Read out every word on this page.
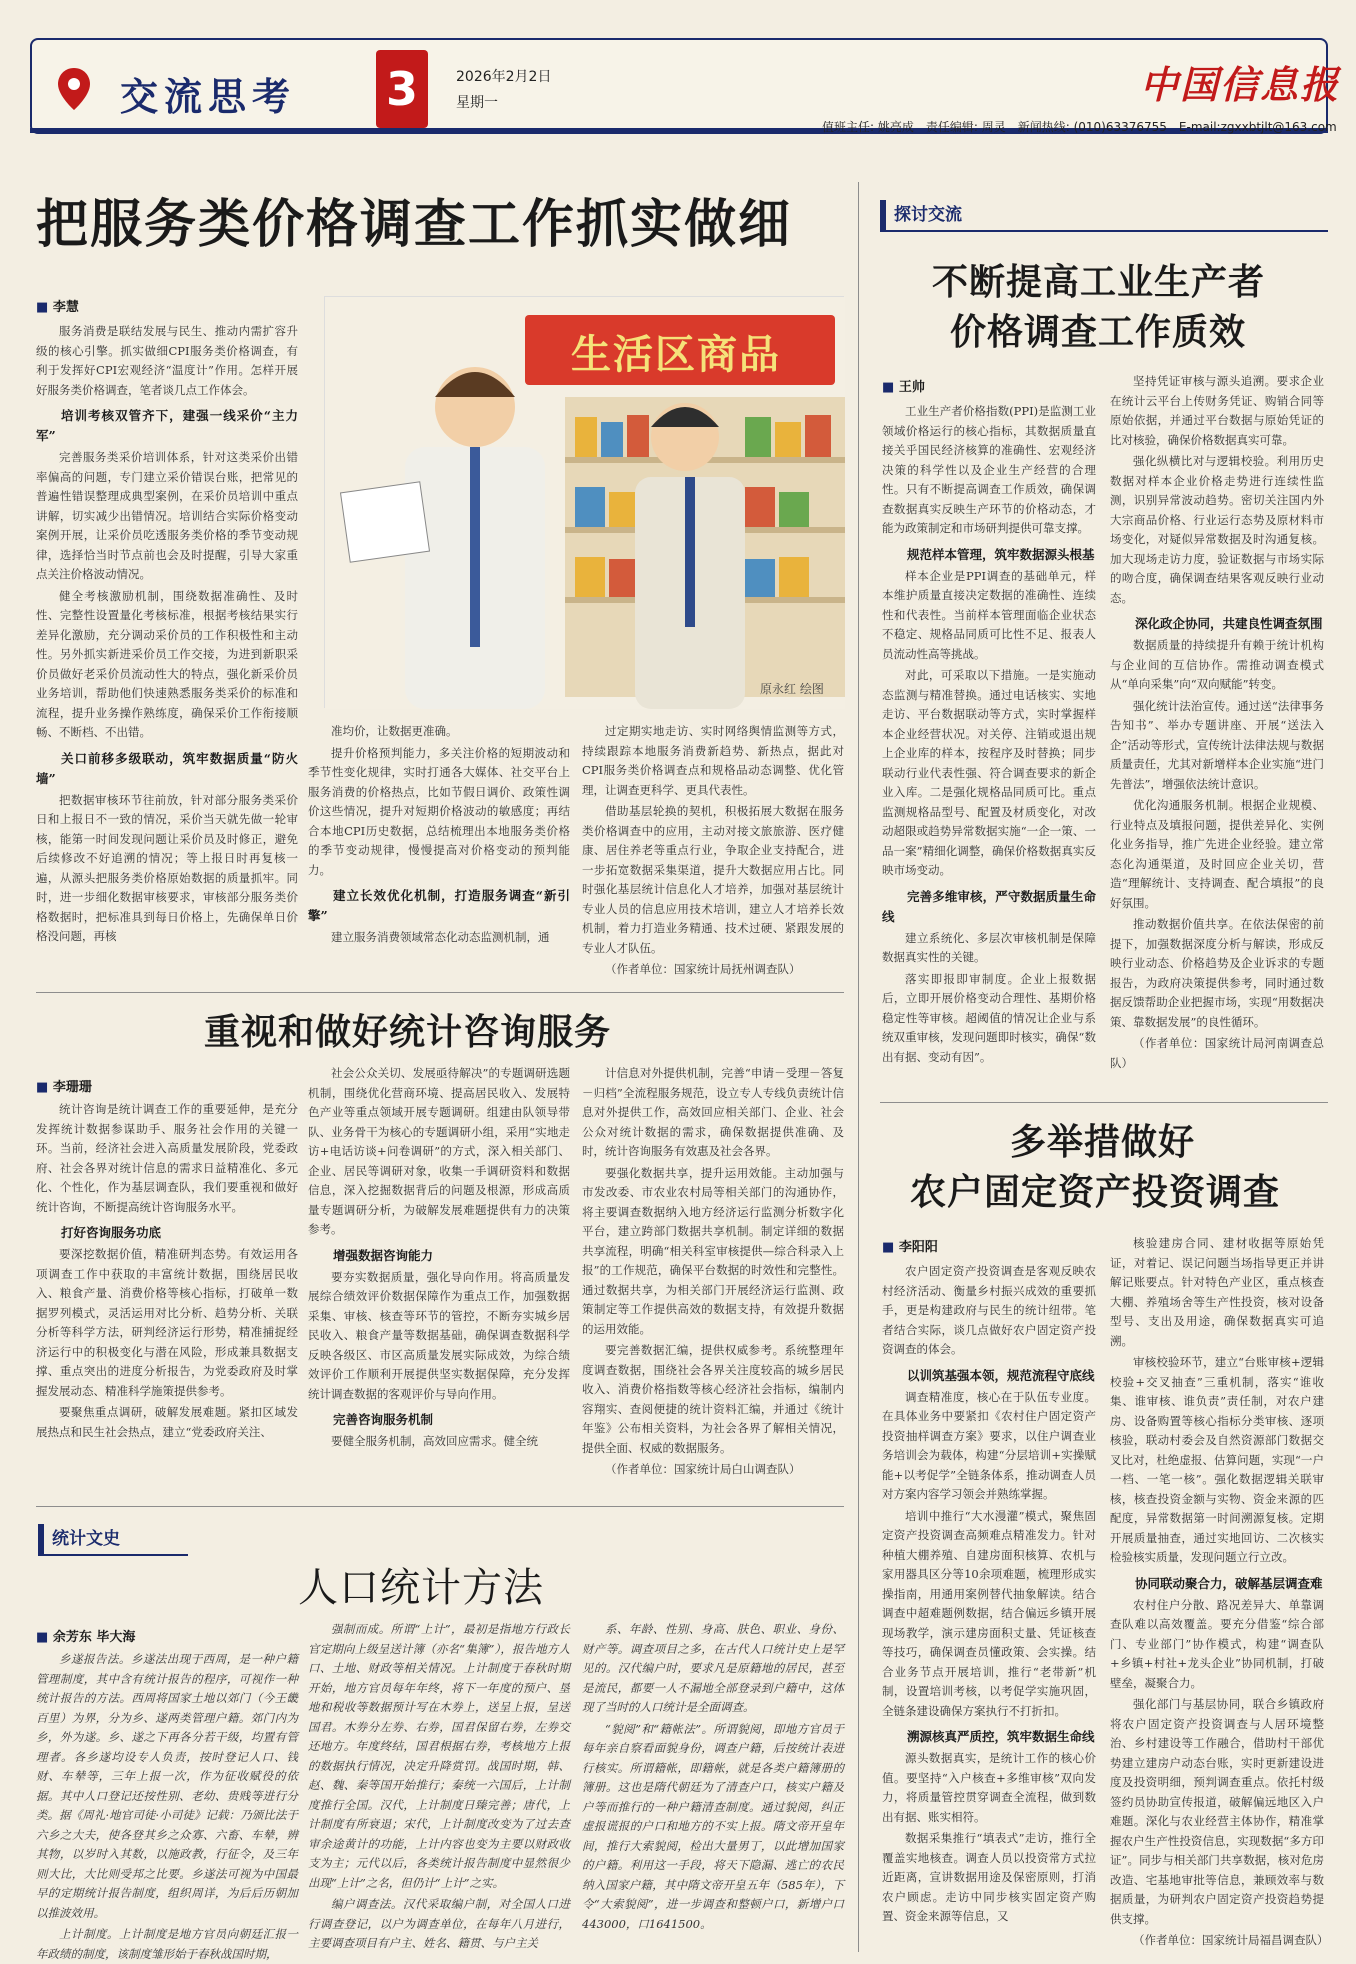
交流思考 3	2026年2月2日
星期一	中国信息报
值班主任: 姚亮成　责任编辑: 周灵　新闻热线: (010)63376755　E-mail:zgxxbtjlt@163.com
把服务类价格调查工作抓实做细
■ 李慧
生活区商品
原永红 绘图

服务消费是联结发展与民生、推动内需扩容升级的核心引擎。抓实做细CPI服务类价格调查，有利于发挥好CPI宏观经济“温度计”作用。怎样开展好服务类价格调查，笔者谈几点工作体会。

培训考核双管齐下，建强一线采价“主力军”

完善服务类采价培训体系，针对这类采价出错率偏高的问题，专门建立采价错误台账，把常见的普遍性错误整理成典型案例，在采价员培训中重点讲解，切实减少出错情况。培训结合实际价格变动案例开展，让采价员吃透服务类价格的季节变动规律，选择恰当时节点前也会及时提醒，引导大家重点关注价格波动情况。

健全考核激励机制，围绕数据准确性、及时性、完整性设置量化考核标准，根据考核结果实行差异化激励，充分调动采价员的工作积极性和主动性。另外抓实新进采价员工作交接，为进到新职采价员做好老采价员流动性大的特点，强化新采价员业务培训，帮助他们快速熟悉服务类采价的标准和流程，提升业务操作熟练度，确保采价工作衔接顺畅、不断档、不出错。

关口前移多级联动，筑牢数据质量“防火墙”

把数据审核环节往前放，针对部分服务类采价日和上报日不一致的情况，采价当天就先做一轮审核，能第一时间发现问题让采价员及时修正，避免后续修改不好追溯的情况；等上报日时再复核一遍，从源头把服务类价格原始数据的质量抓牢。同时，进一步细化数据审核要求，审核部分服务类价格数据时，把标准具到每日价格上，先确保单日价格没问题，再核

准均价，让数据更准确。

提升价格预判能力，多关注价格的短期波动和季节性变化规律，实时打通各大媒体、社交平台上服务消费的价格热点，比如节假日调价、政策性调价这些情况，提升对短期价格波动的敏感度；再结合本地CPI历史数据，总结梳理出本地服务类价格的季节变动规律，慢慢提高对价格变动的预判能力。

建立长效优化机制，打造服务调查“新引擎”

建立服务消费领域常态化动态监测机制，通

过定期实地走访、实时网络舆情监测等方式，持续跟踪本地服务消费新趋势、新热点，据此对CPI服务类价格调查点和规格品动态调整、优化管理，让调查更科学、更具代表性。

借助基层轮换的契机，积极拓展大数据在服务类价格调查中的应用，主动对接文旅旅游、医疗健康、居住养老等重点行业，争取企业支持配合，进一步拓宽数据采集渠道，提升大数据应用占比。同时强化基层统计信息化人才培养，加强对基层统计专业人员的信息应用技术培训，建立人才培养长效机制，着力打造业务精通、技术过硬、紧跟发展的专业人才队伍。

（作者单位：国家统计局抚州调查队）

重视和做好统计咨询服务
■ 李珊珊

统计咨询是统计调查工作的重要延伸，是充分发挥统计数据参谋助手、服务社会作用的关键一环。当前，经济社会进入高质量发展阶段，党委政府、社会各界对统计信息的需求日益精准化、多元化、个性化，作为基层调查队，我们要重视和做好统计咨询，不断提高统计咨询服务水平。

打好咨询服务功底

要深挖数据价值，精准研判态势。有效运用各项调查工作中获取的丰富统计数据，围绕居民收入、粮食产量、消费价格等核心指标，打破单一数据罗列模式，灵活运用对比分析、趋势分析、关联分析等科学方法，研判经济运行形势，精准捕捉经济运行中的积极变化与潜在风险，形成兼具数据支撑、重点突出的进度分析报告，为党委政府及时掌握发展动态、精准科学施策提供参考。

要聚焦重点调研，破解发展难题。紧扣区域发展热点和民生社会热点，建立“党委政府关注、

社会公众关切、发展亟待解决”的专题调研选题机制，围绕优化营商环境、提高居民收入、发展特色产业等重点领域开展专题调研。组建由队领导带队、业务骨干为核心的专题调研小组，采用“实地走访+电话访谈+问卷调研”的方式，深入相关部门、企业、居民等调研对象，收集一手调研资料和数据信息，深入挖掘数据背后的问题及根源，形成高质量专题调研分析，为破解发展难题提供有力的决策参考。

增强数据咨询能力

要夯实数据质量，强化导向作用。将高质量发展综合绩效评价数据保障作为重点工作，加强数据采集、审核、核查等环节的管控，不断夯实城乡居民收入、粮食产量等数据基础，确保调查数据科学反映各级区、市区高质量发展实际成效，为综合绩效评价工作顺利开展提供坚实数据保障，充分发挥统计调查数据的客观评价与导向作用。

完善咨询服务机制

要健全服务机制，高效回应需求。健全统

计信息对外提供机制，完善“申请－受理－答复－归档”全流程服务规范，设立专人专线负责统计信息对外提供工作，高效回应相关部门、企业、社会公众对统计数据的需求，确保数据提供准确、及时，统计咨询服务有效惠及社会各界。

要强化数据共享，提升运用效能。主动加强与市发改委、市农业农村局等相关部门的沟通协作，将主要调查数据纳入地方经济运行监测分析数字化平台，建立跨部门数据共享机制。制定详细的数据共享流程，明确“相关科室审核提供—综合科录入上报”的工作规范，确保平台数据的时效性和完整性。通过数据共享，为相关部门开展经济运行监测、政策制定等工作提供高效的数据支持，有效提升数据的运用效能。

要完善数据汇编，提供权威参考。系统整理年度调查数据，围绕社会各界关注度较高的城乡居民收入、消费价格指数等核心经济社会指标，编制内容翔实、查阅便捷的统计资料汇编，并通过《统计年鉴》公布相关资料，为社会各界了解相关情况，提供全面、权威的数据服务。

（作者单位：国家统计局白山调查队）

统计文史
人口统计方法
■ 余芳东 毕大海

乡遂报告法。乡遂法出现于西周，是一种户籍管理制度，其中含有统计报告的程序，可视作一种统计报告的方法。西周将国家土地以郊门（今王畿百里）为界，分为乡、遂两类管理户籍。郊门内为乡，外为遂。乡、遂之下再各分若干级，均置有管理者。各乡遂均设专人负责，按时登记人口、钱财、车辇等，三年上报一次，作为征收赋役的依据。其中人口登记还按性别、老幼、贵贱等进行分类。据《周礼·地官司徒·小司徒》记载：乃颁比法于六乡之大夫，使各登其乡之众寡、六畜、车辇，辨其物，以岁时入其数，以施政教，行征令，及三年则大比，大比则受邦之比要。乡遂法可视为中国最早的定期统计报告制度，组织周详，为后后历朝加以推波效用。

上计制度。上计制度是地方官员向朝廷汇报一年政绩的制度，该制度雏形始于春秋战国时期，

强制而成。所谓“上计”，最初是指地方行政长官定期向上级呈送计簿（亦名“集簿”），报告地方人口、土地、财政等相关情况。上计制度于春秋时期开始，地方官员每年年终，将下一年度的预户、垦地和税收等数据预计写在木券上，送呈上报，呈送国君。木券分左券、右券，国君保留右券，左券交还地方。年度终结，国君根据右券，考核地方上报的数据执行情况，决定升降赏罚。战国时期，韩、赵、魏、秦等国开始推行；秦统一六国后，上计制度推行全国。汉代，上计制度日臻完善；唐代，上计制度有所衰退；宋代，上计制度改变为了过去查审余途黄计的功能，上计内容也变为主要以财政收支为主；元代以后，各类统计报告制度中显然很少出现“上计”之名，但仍计“上计”之实。

编户调查法。汉代采取编户制，对全国人口进行调查登记，以户为调查单位，在每年八月进行，主要调查项目有户主、姓名、籍贯、与户主关

系、年龄、性别、身高、肤色、职业、身份、财产等。调查项目之多，在古代人口统计史上是罕见的。汉代编户时，要求凡是原籍地的居民，甚至是流民，都要一人不漏地全部登录到户籍中，这体现了当时的人口统计是全面调查。

“貌阅”和“籍帐法”。所谓貌阅，即地方官员于每年亲自察看面貌身份，调查户籍，后按统计表进行核实。所谓籍帐，即籍帐，就是各类户籍簿册的簿册。这也是隋代朝廷为了清查户口，核实户籍及户等而推行的一种户籍清查制度。通过貌阅，纠正虚报谎报的户口和地方的不实上报。隋文帝开皇年间，推行大索貌阅，检出大量男丁，以此增加国家的户籍。利用这一手段，将天下隐漏、逃亡的农民纳入国家户籍，其中隋文帝开皇五年（585年），下令“大索貌阅”，进一步调查和整顿户口，新增户口443000，口1641500。

探讨交流
不断提高工业生产者
价格调查工作质效
■ 王帅

工业生产者价格指数(PPI)是监测工业领域价格运行的核心指标，其数据质量直接关乎国民经济核算的准确性、宏观经济决策的科学性以及企业生产经营的合理性。只有不断提高调查工作质效，确保调查数据真实反映生产环节的价格动态，才能为政策制定和市场研判提供可靠支撑。

规范样本管理，筑牢数据源头根基

样本企业是PPI调查的基础单元，样本维护质量直接决定数据的准确性、连续性和代表性。当前样本管理面临企业状态不稳定、规格品同质可比性不足、报表人员流动性高等挑战。

对此，可采取以下措施。一是实施动态监测与精准替换。通过电话核实、实地走访、平台数据联动等方式，实时掌握样本企业经营状况。对关停、注销或退出规上企业库的样本，按程序及时替换；同步联动行业代表性强、符合调查要求的新企业入库。二是强化规格品同质可比。重点监测规格品型号、配置及材质变化，对改动超限或趋势异常数据实施“一企一策、一品一案”精细化调整，确保价格数据真实反映市场变动。

完善多维审核，严守数据质量生命线

建立系统化、多层次审核机制是保障数据真实性的关键。

落实即报即审制度。企业上报数据后，立即开展价格变动合理性、基期价格稳定性等审核。超阈值的情况让企业与系统双重审核，发现问题即时核实，确保“数出有据、变动有因”。

坚持凭证审核与源头追溯。要求企业在统计云平台上传财务凭证、购销合同等原始依据，并通过平台数据与原始凭证的比对核验，确保价格数据真实可靠。

强化纵横比对与逻辑校验。利用历史数据对样本企业价格走势进行连续性监测，识别异常波动趋势。密切关注国内外大宗商品价格、行业运行态势及原材料市场变化，对疑似异常数据及时沟通复核。加大现场走访力度，验证数据与市场实际的吻合度，确保调查结果客观反映行业动态。

深化政企协同，共建良性调查氛围

数据质量的持续提升有赖于统计机构与企业间的互信协作。需推动调查模式从“单向采集”向“双向赋能”转变。

强化统计法治宣传。通过送“法律事务告知书”、举办专题讲座、开展“送法入企”活动等形式，宣传统计法律法规与数据质量责任，尤其对新增样本企业实施“进门先普法”，增强依法统计意识。

优化沟通服务机制。根据企业规模、行业特点及填报问题，提供差异化、实例化业务指导，推广先进企业经验。建立常态化沟通渠道，及时回应企业关切，营造“理解统计、支持调查、配合填报”的良好氛围。

推动数据价值共享。在依法保密的前提下，加强数据深度分析与解读，形成反映行业动态、价格趋势及企业诉求的专题报告，为政府决策提供参考，同时通过数据反馈帮助企业把握市场，实现“用数据决策、靠数据发展”的良性循环。

（作者单位：国家统计局河南调查总队）

多举措做好
农户固定资产投资调查
■ 李阳阳

农户固定资产投资调查是客观反映农村经济活动、衡量乡村振兴成效的重要抓手，更是构建政府与民生的统计纽带。笔者结合实际，谈几点做好农户固定资产投资调查的体会。

以训筑基强本领，规范流程守底线

调查精准度，核心在于队伍专业度。在具体业务中要紧扣《农村住户固定资产投资抽样调查方案》要求，以住户调查业务培训会为载体，构建“分层培训+实操赋能+以考促学”全链条体系，推动调查人员对方案内容学习领会并熟练掌握。

培训中推行“大水漫灌”模式，聚焦固定资产投资调查高频难点精准发力。针对种植大棚养殖、自建房面积核算、农机与家用器具区分等10余项难题，梳理形成实操指南，用通用案例替代抽象解读。结合调查中超难题例数据，结合偏远乡镇开展现场教学，演示建房面积丈量、凭证核查等技巧，确保调查员懂政策、会实操。结合业务节点开展培训，推行“老带新”机制，设置培训考核，以考促学实施巩固，全链条建设确保方案执行不打折扣。

溯源核真严质控，筑牢数据生命线

源头数据真实，是统计工作的核心价值。要坚持“入户核查+多维审核”双向发力，将质量管控贯穿调查全流程，做到数出有据、账实相符。

数据采集推行“填表式”走访，推行全覆盖实地核查。调查人员以投资常方式拉近距离，宣讲数据用途及保密原则，打消农户顾虑。走访中同步核实固定资产购置、资金来源等信息，又

核验建房合同、建材收据等原始凭证，对着记、误记问题当场指导更正并讲解记账要点。针对特色产业区，重点核查大棚、养殖场舍等生产性投资，核对设备型号、支出及用途，确保数据真实可追溯。

审核校验环节，建立“台账审核+逻辑校验+交叉抽查”三重机制，落实“谁收集、谁审核、谁负责”责任制，对农户建房、设备购置等核心指标分类审核、逐项核验，联动村委会及自然资源部门数据交叉比对，杜绝虚报、估算问题，实现“一户一档、一笔一核”。强化数据逻辑关联审核，核查投资金额与实物、资金来源的匹配度，异常数据第一时间溯源复核。定期开展质量抽查，通过实地回访、二次核实检验核实质量，发现问题立行立改。

协同联动聚合力，破解基层调查难

农村住户分散、路况差异大、单靠调查队难以高效覆盖。要充分借鉴“综合部门、专业部门”协作模式，构建“调查队+乡镇+村社+龙头企业”协同机制，打破壁垒，凝聚合力。

强化部门与基层协同，联合乡镇政府将农户固定资产投资调查与人居环境整治、乡村建设等工作融合，借助村干部优势建立建房户动态台账，实时更新建设进度及投资明细，预判调查重点。依托村级签约员协助宣传报道，破解偏远地区入户难题。深化与农业经营主体协作，精准掌握农户生产性投资信息，实现数据“多方印证”。同步与相关部门共享数据，核对危房改造、宅基地审批等信息，兼顾效率与数据质量，为研判农户固定资产投资趋势提供支撑。

（作者单位：国家统计局福昌调查队）
